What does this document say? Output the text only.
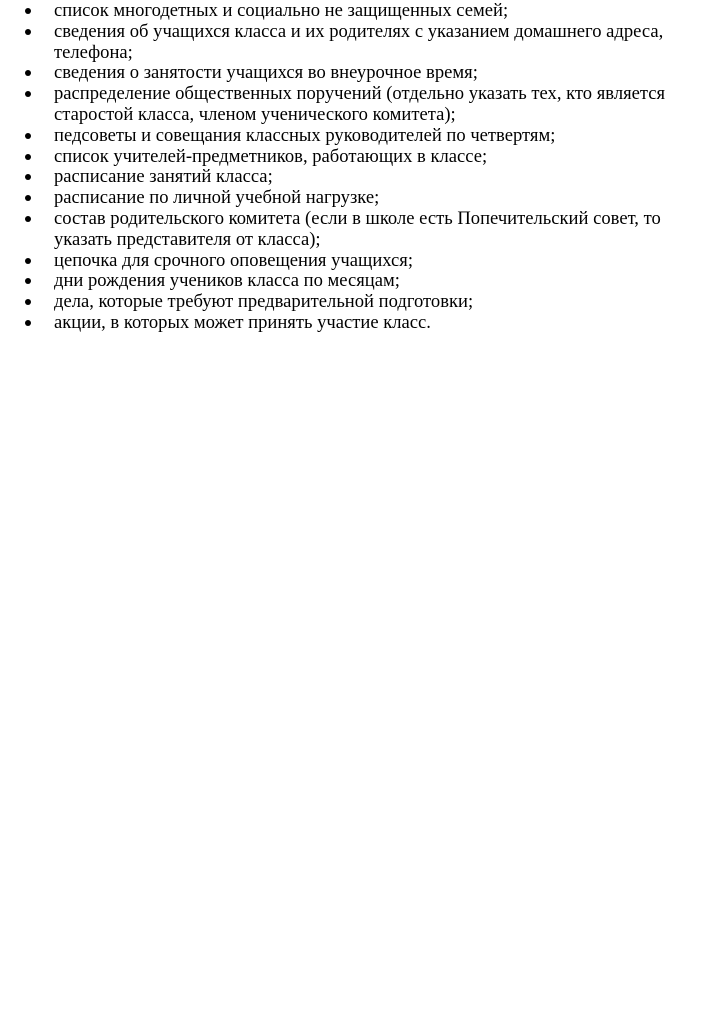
список многодетных и социально не защищенных семей;
сведения об учащихся класса и их родителях с указанием домашнего адреса, телефона;
сведения о занятости учащихся во внеурочное время;
распределение общественных поручений (отдельно указать тех, кто является старостой класса, членом ученического комитета);
педсоветы и совещания классных руководителей по четвертям;
список учителей-предметников, работающих в классе;
расписание занятий класса;
расписание по личной учебной нагрузке;
состав родительского комитета (если в школе есть Попечительский совет, то указать представителя от класса);
цепочка для срочного оповещения учащихся;
дни рождения учеников класса по месяцам;
дела, которые требуют предварительной подготовки;
акции, в которых может принять участие класс.
